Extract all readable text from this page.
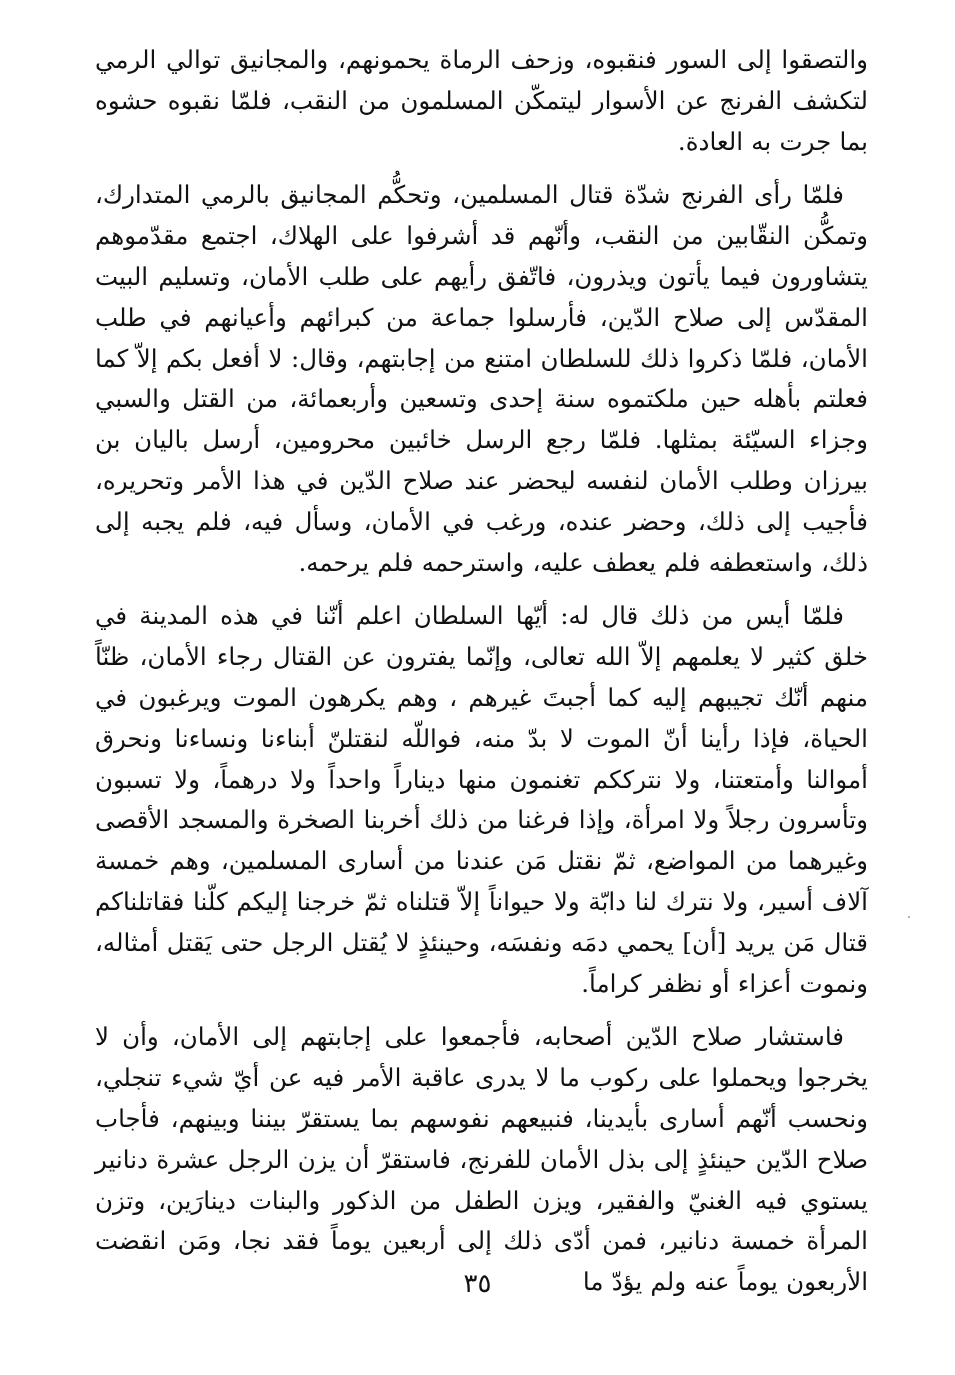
والتصقوا إلى السور فنقبوه، وزحف الرماة يحمونهم، والمجانيق توالي الرمي لتكشف الفرنج عن الأسوار ليتمكّن المسلمون من النقب، فلمّا نقبوه حشوه بما جرت به العادة.

فلمّا رأى الفرنج شدّة قتال المسلمين، وتحكُّم المجانيق بالرمي المتدارك، وتمكُّن النقّابين من النقب، وأنّهم قد أشرفوا على الهلاك، اجتمع مقدّموهم يتشاورون فيما يأتون ويذرون، فاتّفق رأيهم على طلب الأمان، وتسليم البيت المقدّس إلى صلاح الدّين، فأرسلوا جماعة من كبرائهم وأعيانهم في طلب الأمان، فلمّا ذكروا ذلك للسلطان امتنع من إجابتهم، وقال: لا أفعل بكم إلاّ كما فعلتم بأهله حين ملكتموه سنة إحدى وتسعين وأربعمائة، من القتل والسبي وجزاء السيّئة بمثلها. فلمّا رجع الرسل خائبين محرومين، أرسل باليان بن بيرزان وطلب الأمان لنفسه ليحضر عند صلاح الدّين في هذا الأمر وتحريره، فأجيب إلى ذلك، وحضر عنده، ورغب في الأمان، وسأل فيه، فلم يجبه إلى ذلك، واستعطفه فلم يعطف عليه، واسترحمه فلم يرحمه.

فلمّا أيس من ذلك قال له: أيّها السلطان اعلم أنّنا في هذه المدينة في خلق كثير لا يعلمهم إلاّ الله تعالى، وإنّما يفترون عن القتال رجاء الأمان، ظنّاً منهم أنّك تجيبهم إليه كما أجبتَ غيرهم ، وهم يكرهون الموت ويرغبون في الحياة، فإذا رأينا أنّ الموت لا بدّ منه، فواللّه لنقتلنّ أبناءنا ونساءنا ونحرق أموالنا وأمتعتنا، ولا نترككم تغنمون منها ديناراً واحداً ولا درهماً، ولا تسبون وتأسرون رجلاً ولا امرأة، وإذا فرغنا من ذلك أخربنا الصخرة والمسجد الأقصى وغيرهما من المواضع، ثمّ نقتل مَن عندنا من أسارى المسلمين، وهم خمسة آلاف أسير، ولا نترك لنا دابّة ولا حيواناً إلاّ قتلناه ثمّ خرجنا إليكم كلّنا فقاتلناكم قتال مَن يريد [أن] يحمي دمَه ونفسَه، وحينئذٍ لا يُقتل الرجل حتى يَقتل أمثاله، ونموت أعزاء أو نظفر كراماً.

فاستشار صلاح الدّين أصحابه، فأجمعوا على إجابتهم إلى الأمان، وأن لا يخرجوا ويحملوا على ركوب ما لا يدرى عاقبة الأمر فيه عن أيّ شيء تنجلي، ونحسب أنّهم أسارى بأيدينا، فنبيعهم نفوسهم بما يستقرّ بيننا وبينهم، فأجاب صلاح الدّين حينئذٍ إلى بذل الأمان للفرنج، فاستقرّ أن يزن الرجل عشرة دنانير يستوي فيه الغنيّ والفقير، ويزن الطفل من الذكور والبنات دينارَين، وتزن المرأة خمسة دنانير، فمن أدّى ذلك إلى أربعين يوماً فقد نجا، ومَن انقضت الأربعون يوماً عنه ولم يؤدّ ما

٣٥
